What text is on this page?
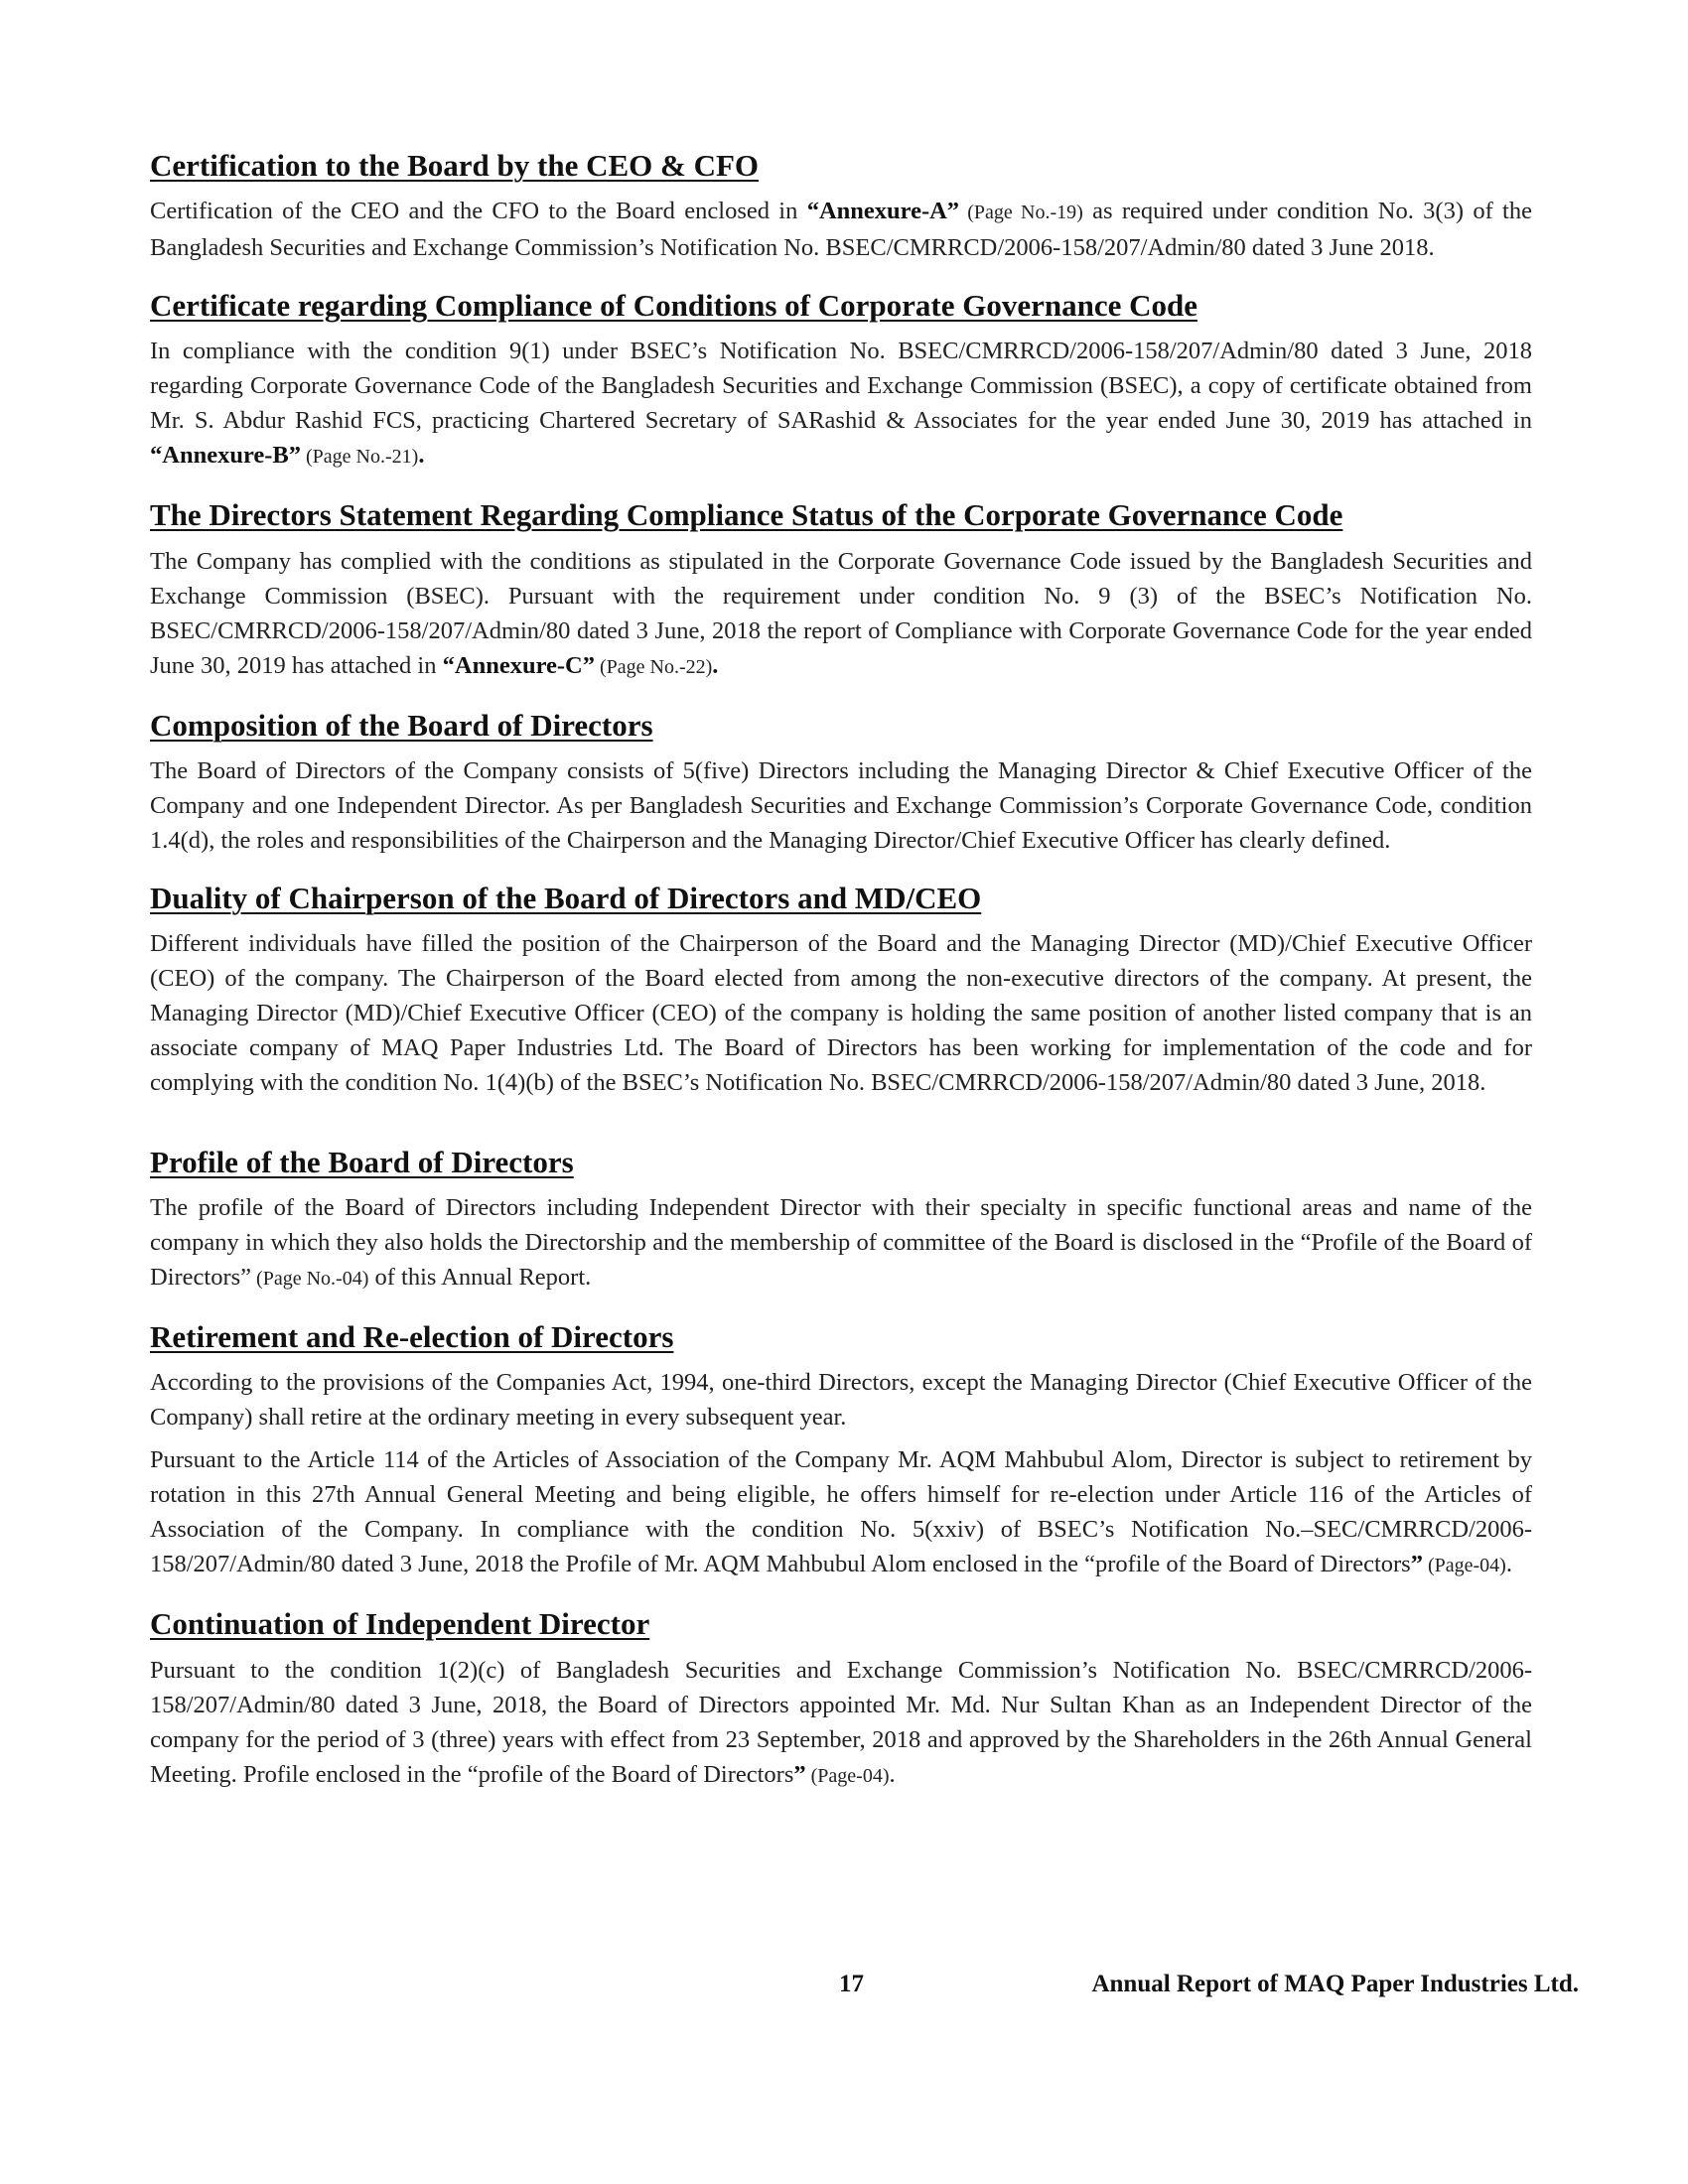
Certification to the Board by the CEO & CFO

Certification of the CEO and the CFO to the Board enclosed in “Annexure-A” (Page No.-19) as required under condition No. 3(3) of the Bangladesh Securities and Exchange Commission’s Notification No. BSEC/CMRRCD/2006-158/207/Admin/80 dated 3 June 2018.

Certificate regarding Compliance of Conditions of Corporate Governance Code

In compliance with the condition 9(1) under BSEC’s Notification No. BSEC/CMRRCD/2006-158/207/Admin/80 dated 3 June, 2018 regarding Corporate Governance Code of the Bangladesh Securities and Exchange Commission (BSEC), a copy of certificate obtained from Mr. S. Abdur Rashid FCS, practicing Chartered Secretary of SARashid & Associates for the year ended June 30, 2019 has attached in “Annexure-B” (Page No.-21).

The Directors Statement Regarding Compliance Status of the Corporate Governance Code

The Company has complied with the conditions as stipulated in the Corporate Governance Code issued by the Bangladesh Securities and Exchange Commission (BSEC). Pursuant with the requirement under condition No. 9 (3) of the BSEC’s Notification No. BSEC/CMRRCD/2006-158/207/Admin/80 dated 3 June, 2018 the report of Compliance with Corporate Governance Code for the year ended June 30, 2019 has attached in “Annexure-C” (Page No.-22).

Composition of the Board of Directors

The Board of Directors of the Company consists of 5(five) Directors including the Managing Director & Chief Executive Officer of the Company and one Independent Director. As per Bangladesh Securities and Exchange Commission’s Corporate Governance Code, condition 1.4(d), the roles and responsibilities of the Chairperson and the Managing Director/Chief Executive Officer has clearly defined.

Duality of Chairperson of the Board of Directors and MD/CEO

Different individuals have filled the position of the Chairperson of the Board and the Managing Director (MD)/Chief Executive Officer (CEO) of the company. The Chairperson of the Board elected from among the non-executive directors of the company. At present, the Managing Director (MD)/Chief Executive Officer (CEO) of the company is holding the same position of another listed company that is an associate company of MAQ Paper Industries Ltd. The Board of Directors has been working for implementation of the code and for complying with the condition No. 1(4)(b) of the BSEC’s Notification No. BSEC/CMRRCD/2006-158/207/Admin/80 dated 3 June, 2018.

Profile of the Board of Directors

The profile of the Board of Directors including Independent Director with their specialty in specific functional areas and name of the company in which they also holds the Directorship and the membership of committee of the Board is disclosed in the “Profile of the Board of Directors” (Page No.-04) of this Annual Report.

Retirement and Re-election of Directors

According to the provisions of the Companies Act, 1994, one-third Directors, except the Managing Director (Chief Executive Officer of the Company) shall retire at the ordinary meeting in every subsequent year.

Pursuant to the Article 114 of the Articles of Association of the Company Mr. AQM Mahbubul Alom, Director is subject to retirement by rotation in this 27th Annual General Meeting and being eligible, he offers himself for re-election under Article 116 of the Articles of Association of the Company. In compliance with the condition No. 5(xxiv) of BSEC’s Notification No.–SEC/CMRRCD/2006-158/207/Admin/80 dated 3 June, 2018 the Profile of Mr. AQM Mahbubul Alom enclosed in the “profile of the Board of Directors” (Page-04).

Continuation of Independent Director

Pursuant to the condition 1(2)(c) of Bangladesh Securities and Exchange Commission’s Notification No. BSEC/CMRRCD/2006-158/207/Admin/80 dated 3 June, 2018, the Board of Directors appointed Mr. Md. Nur Sultan Khan as an Independent Director of the company for the period of 3 (three) years with effect from 23 September, 2018 and approved by the Shareholders in the 26th Annual General Meeting. Profile enclosed in the “profile of the Board of Directors” (Page-04).

17	Annual Report of MAQ Paper Industries Ltd.
